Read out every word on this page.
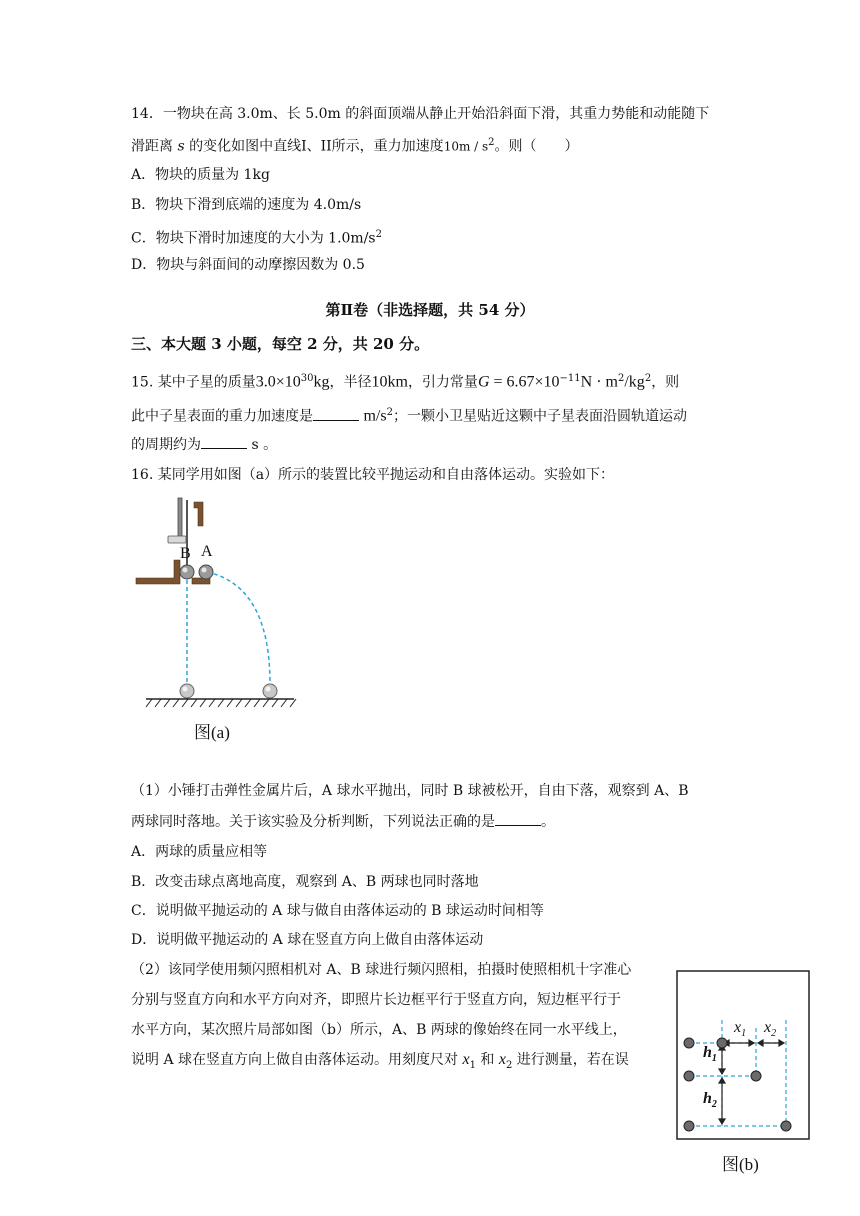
14．一物块在高 3.0m、长 5.0m 的斜面顶端从静止开始沿斜面下滑，其重力势能和动能随下
滑距离 s 的变化如图中直线I、II所示，重力加速度$10m / s^2$。则（　　）
A．物块的质量为 1kg
B．物块下滑到底端的速度为 4.0m/s
C．物块下滑时加速度的大小为 $1.0m/s^2$
D．物块与斜面间的动摩擦因数为 0.5
第Ⅱ卷（非选择题，共 54 分）
三、本大题 3 小题，每空 2 分，共 20 分。
15. 某中子星的质量$3.0\times 10^{30}kg$，半径10km，引力常量$G = 6.67\times 10^{-11}N \cdot m^2/kg^2$，则
此中子星表面的重力加速度是	$m/s^2$；一颗小卫星贴近这颗中子星表面沿圆轨道运动
的周期约为	s 。
16. 某同学用如图（a）所示的装置比较平抛运动和自由落体运动。实验如下：
B A
图(a)
（1）小锤打击弹性金属片后，A 球水平抛出，同时 B 球被松开，自由下落，观察到 A、B
两球同时落地。关于该实验及分析判断，下列说法正确的是	。
A．两球的质量应相等
B．改变击球点离地高度，观察到 A、B 两球也同时落地
C．说明做平抛运动的 A 球与做自由落体运动的 B 球运动时间相等
D．说明做平抛运动的 A 球在竖直方向上做自由落体运动
（2）该同学使用频闪照相机对 A、B 球进行频闪照相，拍摄时使照相机十字准心
分别与竖直方向和水平方向对齐，即照片长边框平行于竖直方向，短边框平行于
水平方向，某次照片局部如图（b）所示，A、B 两球的像始终在同一水平线上，
说明 A 球在竖直方向上做自由落体运动。用刻度尺对 $x_1$ 和 $x_2$ 进行测量，若在误
$x_1$ $x_2$
$h_1$
$h_2$
图(b)
